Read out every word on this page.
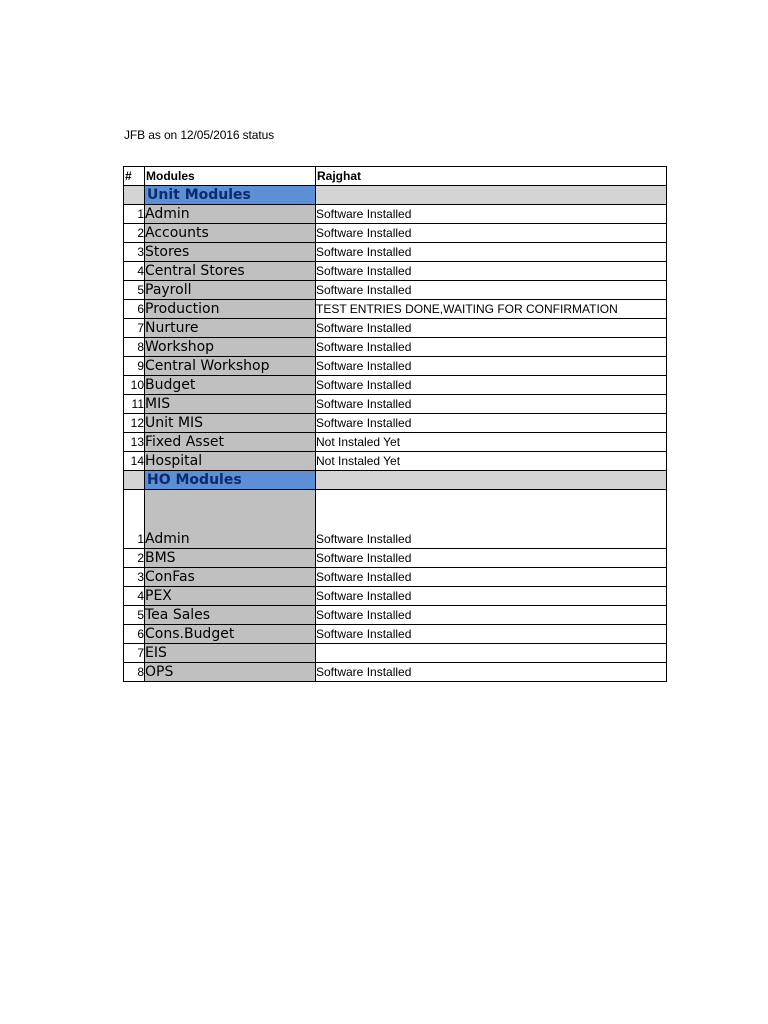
JFB as on 12/05/2016 status
#	Modules	Rajghat
	Unit Modules	
1	Admin	Software Installed
2	Accounts	Software Installed
3	Stores	Software Installed
4	Central Stores	Software Installed
5	Payroll	Software Installed
6	Production	TEST ENTRIES DONE,WAITING FOR CONFIRMATION
7	Nurture	Software Installed
8	Workshop	Software Installed
9	Central Workshop	Software Installed
10	Budget	Software Installed
11	MIS	Software Installed
12	Unit MIS	Software Installed
13	Fixed Asset	Not Instaled Yet
14	Hospital	Not Instaled Yet
	HO Modules	
1	Admin	Software Installed
2	BMS	Software Installed
3	ConFas	Software Installed
4	PEX	Software Installed
5	Tea Sales	Software Installed
6	Cons.Budget	Software Installed
7	EIS	
8	OPS	Software Installed
